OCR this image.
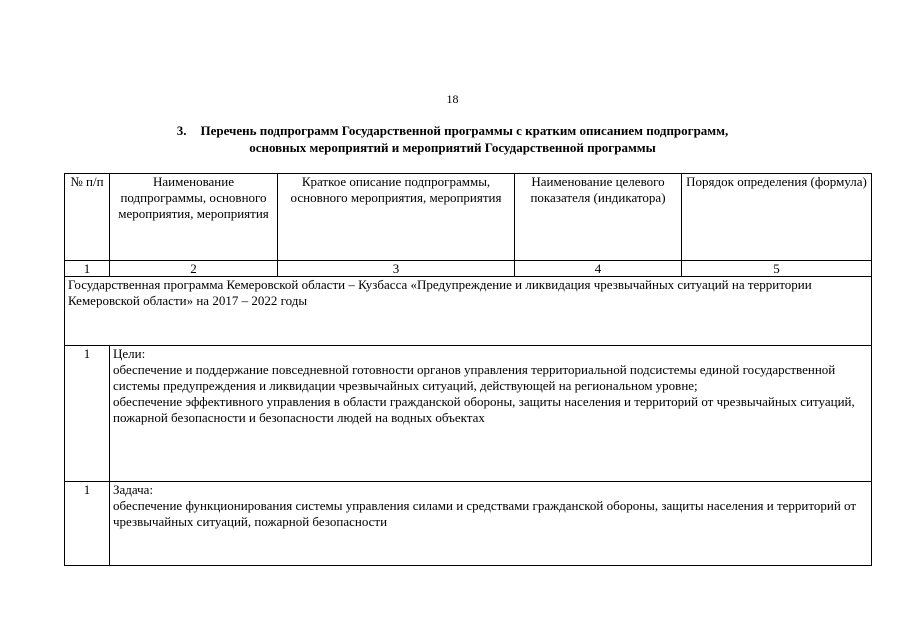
18
3. Перечень подпрограмм Государственной программы с кратким описанием подпрограмм,
основных мероприятий и мероприятий Государственной программы
№ п/п	Наименование подпрограммы, основного мероприятия, мероприятия	Краткое описание подпрограммы, основного мероприятия, мероприятия	Наименование целевого показателя (индикатора)	Порядок определения (формула)
1	2	3	4	5
Государственная программа Кемеровской области – Кузбасса «Предупреждение и ликвидация чрезвычайных ситуаций на территории Кемеровской области» на 2017 – 2022 годы				
1	Цели:
обеспечение и поддержание повседневной готовности органов управления территориальной подсистемы единой государственной системы предупреждения и ликвидации чрезвычайных ситуаций, действующей на региональном уровне;
обеспечение эффективного управления в области гражданской обороны, защиты населения и территорий от чрезвычайных ситуаций, пожарной безопасности и безопасности людей на водных объектах			

1	Задача:
обеспечение функционирования системы управления силами и средствами гражданской обороны, защиты населения и территорий от чрезвычайных ситуаций, пожарной безопасности			
